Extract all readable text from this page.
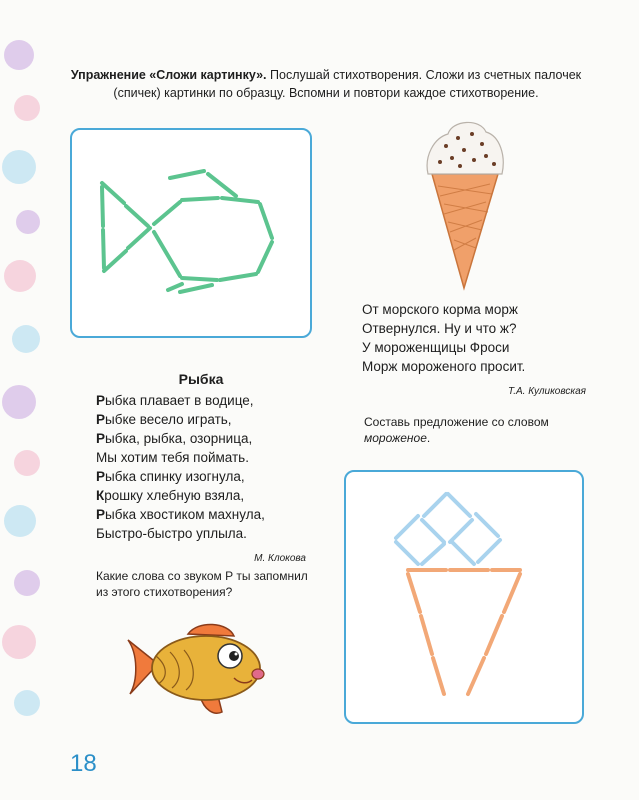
Упражнение «Сложи картинку». Послушай стихотворения. Сложи из счетных палочек (спичек) картинки по образцу. Вспомни и повтори каждое стихотворение.
От морского корма морж
Отвернулся. Ну и что ж?
У мороженщицы Фроси
Морж мороженого просит.
Т.А. Куликовская
Составь предложение со словом мороженое.
Рыбка
Рыбка плавает в водице,
Рыбке весело играть,
Рыбка, рыбка, озорница,
Мы хотим тебя поймать.
Рыбка спинку изогнула,
Крошку хлебную взяла,
Рыбка хвостиком махнула,
Быстро-быстро уплыла.
М. Клокова
Какие слова со звуком Р ты запомнил из этого стихотворения?
18
